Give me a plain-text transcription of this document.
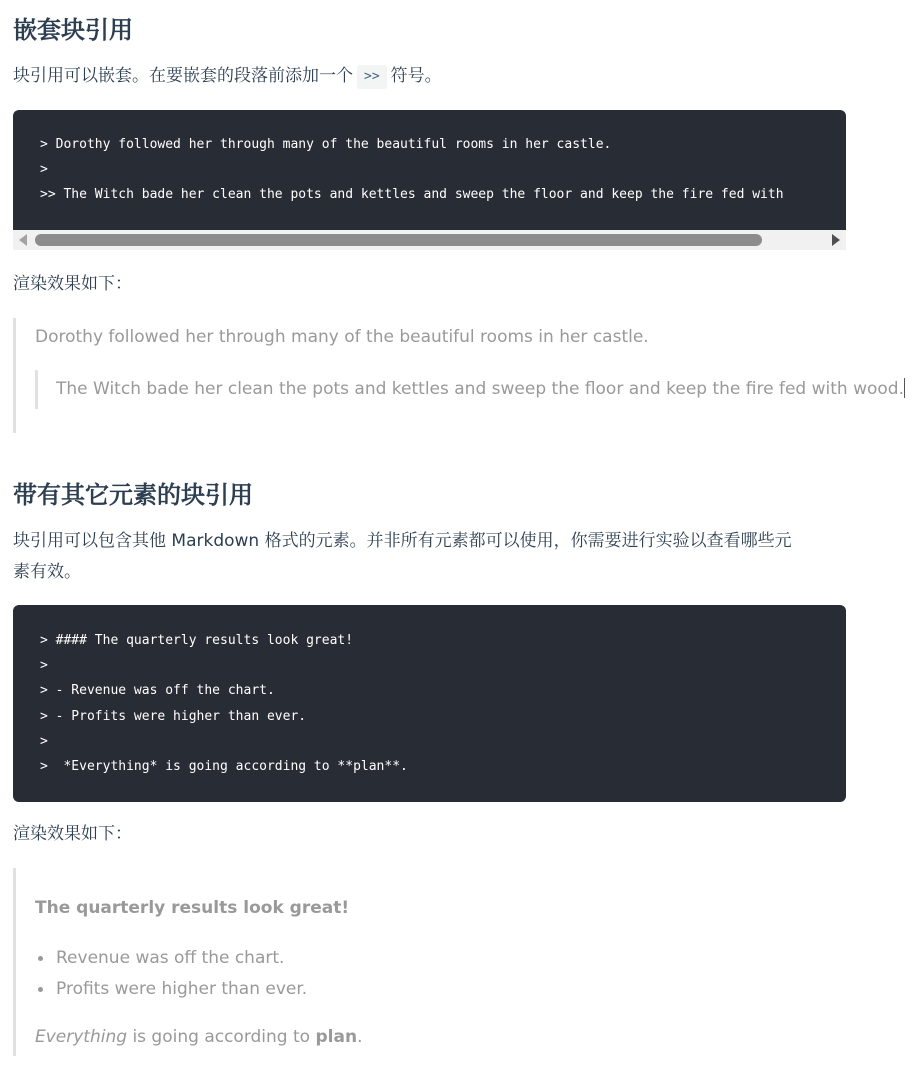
嵌套块引用

块引用可以嵌套。在要嵌套的段落前添加一个 >> 符号。

> Dorothy followed her through many of the beautiful rooms in her castle.
>
>> The Witch bade her clean the pots and kettles and sweep the floor and keep the fire fed with

渲染效果如下：

Dorothy followed her through many of the beautiful rooms in her castle.

The Witch bade her clean the pots and kettles and sweep the floor and keep the fire fed with wood.

带有其它元素的块引用

块引用可以包含其他 Markdown 格式的元素。并非所有元素都可以使用，你需要进行实验以查看哪些元

素有效。

> #### The quarterly results look great!
>
> - Revenue was off the chart.
> - Profits were higher than ever.
>
>  *Everything* is going according to **plan**.

渲染效果如下：

The quarterly results look great!

Revenue was off the chart.
Profits were higher than ever.

Everything is going according to plan.
